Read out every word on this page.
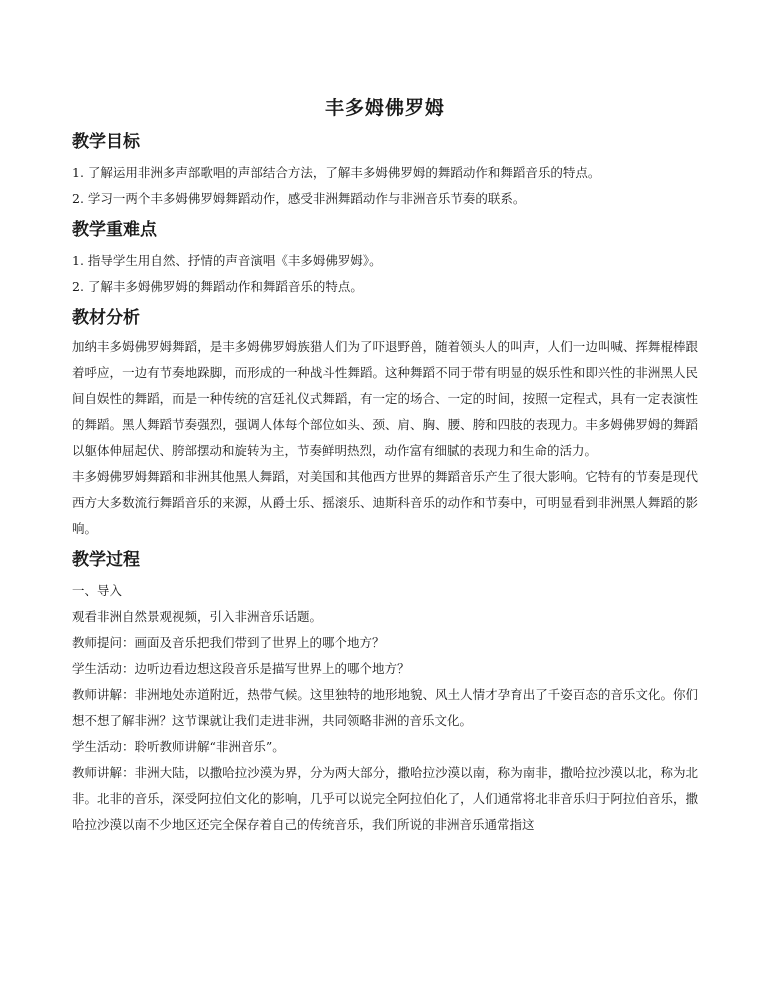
丰多姆佛罗姆
教学目标

1. 了解运用非洲多声部歌唱的声部结合方法，了解丰多姆佛罗姆的舞蹈动作和舞蹈音乐的特点。

2. 学习一两个丰多姆佛罗姆舞蹈动作，感受非洲舞蹈动作与非洲音乐节奏的联系。

教学重难点

1. 指导学生用自然、抒情的声音演唱《丰多姆佛罗姆》。

2. 了解丰多姆佛罗姆的舞蹈动作和舞蹈音乐的特点。

教材分析

加纳丰多姆佛罗姆舞蹈，是丰多姆佛罗姆族猎人们为了吓退野兽，随着领头人的叫声，人们一边叫喊、挥舞棍棒跟着呼应，一边有节奏地跺脚，而形成的一种战斗性舞蹈。这种舞蹈不同于带有明显的娱乐性和即兴性的非洲黑人民间自娱性的舞蹈，而是一种传统的宫廷礼仪式舞蹈，有一定的场合、一定的时间，按照一定程式，具有一定表演性的舞蹈。黑人舞蹈节奏强烈，强调人体每个部位如头、颈、肩、胸、腰、胯和四肢的表现力。丰多姆佛罗姆的舞蹈以躯体伸屈起伏、胯部摆动和旋转为主，节奏鲜明热烈，动作富有细腻的表现力和生命的活力。

丰多姆佛罗姆舞蹈和非洲其他黑人舞蹈，对美国和其他西方世界的舞蹈音乐产生了很大影响。它特有的节奏是现代西方大多数流行舞蹈音乐的来源，从爵士乐、摇滚乐、迪斯科音乐的动作和节奏中，可明显看到非洲黑人舞蹈的影响。

教学过程

一、导入

观看非洲自然景观视频，引入非洲音乐话题。

教师提问：画面及音乐把我们带到了世界上的哪个地方？

学生活动：边听边看边想这段音乐是描写世界上的哪个地方？

教师讲解：非洲地处赤道附近，热带气候。这里独特的地形地貌、风土人情才孕育出了千姿百态的音乐文化。你们想不想了解非洲？这节课就让我们走进非洲，共同领略非洲的音乐文化。

学生活动：聆听教师讲解“非洲音乐”。

教师讲解：非洲大陆，以撒哈拉沙漠为界，分为两大部分，撒哈拉沙漠以南，称为南非，撒哈拉沙漠以北，称为北非。北非的音乐，深受阿拉伯文化的影响，几乎可以说完全阿拉伯化了，人们通常将北非音乐归于阿拉伯音乐，撒哈拉沙漠以南不少地区还完全保存着自己的传统音乐，我们所说的非洲音乐通常指这
